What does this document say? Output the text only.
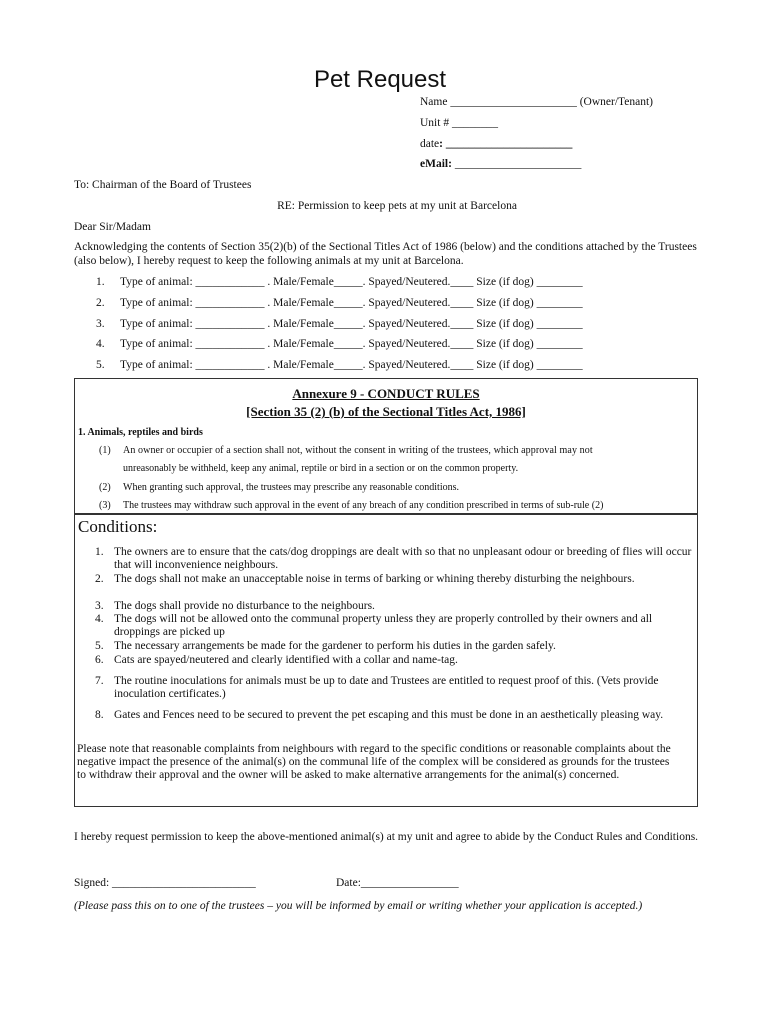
Pet Request
Name ______________________ (Owner/Tenant)
Unit # ________
date: ______________________
eMail: ______________________
To: Chairman of the Board of Trustees
RE: Permission to keep pets at my unit at Barcelona
Dear Sir/Madam
Acknowledging the contents of Section 35(2)(b) of the Sectional Titles Act of 1986 (below) and the conditions attached by the Trustees (also below), I hereby request to keep the following animals at my unit at Barcelona.
1. Type of animal: ____________ . Male/Female_____. Spayed/Neutered.____ Size (if dog) ________
2. Type of animal: ____________ . Male/Female_____. Spayed/Neutered.____ Size (if dog) ________
3. Type of animal: ____________ . Male/Female_____. Spayed/Neutered.____ Size (if dog) ________
4. Type of animal: ____________ . Male/Female_____. Spayed/Neutered.____ Size (if dog) ________
5. Type of animal: ____________ . Male/Female_____. Spayed/Neutered.____ Size (if dog) ________
Annexure 9 - CONDUCT RULES
[Section 35 (2) (b) of the Sectional Titles Act, 1986]
1. Animals, reptiles and birds
(1) An owner or occupier of a section shall not, without the consent in writing of the trustees, which approval may not
unreasonably be withheld, keep any animal, reptile or bird in a section or on the common property.
(2) When granting such approval, the trustees may prescribe any reasonable conditions.
(3) The trustees may withdraw such approval in the event of any breach of any condition prescribed in terms of sub-rule (2)
Conditions:
1. The owners are to ensure that the cats/dog droppings are dealt with so that no unpleasant odour or breeding of flies will occur that will inconvenience neighbours.
2. The dogs shall not make an unacceptable noise in terms of barking or whining thereby disturbing the neighbours.
3. The dogs shall provide no disturbance to the neighbours.
4. The dogs will not be allowed onto the communal property unless they are properly controlled by their owners and all droppings are picked up
5. The necessary arrangements be made for the gardener to perform his duties in the garden safely.
6. Cats are spayed/neutered and clearly identified with a collar and name-tag.
7. The routine inoculations for animals must be up to date and Trustees are entitled to request proof of this. (Vets provide inoculation certificates.)
8. Gates and Fences need to be secured to prevent the pet escaping and this must be done in an aesthetically pleasing way.
Please note that reasonable complaints from neighbours with regard to the specific conditions or reasonable complaints about the negative impact the presence of the animal(s) on the communal life of the complex will be considered as grounds for the trustees to withdraw their approval and the owner will be asked to make alternative arrangements for the animal(s) concerned.
I hereby request permission to keep the above-mentioned animal(s) at my unit and agree to abide by the Conduct Rules and Conditions.
Signed: _________________________	Date:_________________
(Please pass this on to one of the trustees – you will be informed by email or writing whether your application is accepted.)
